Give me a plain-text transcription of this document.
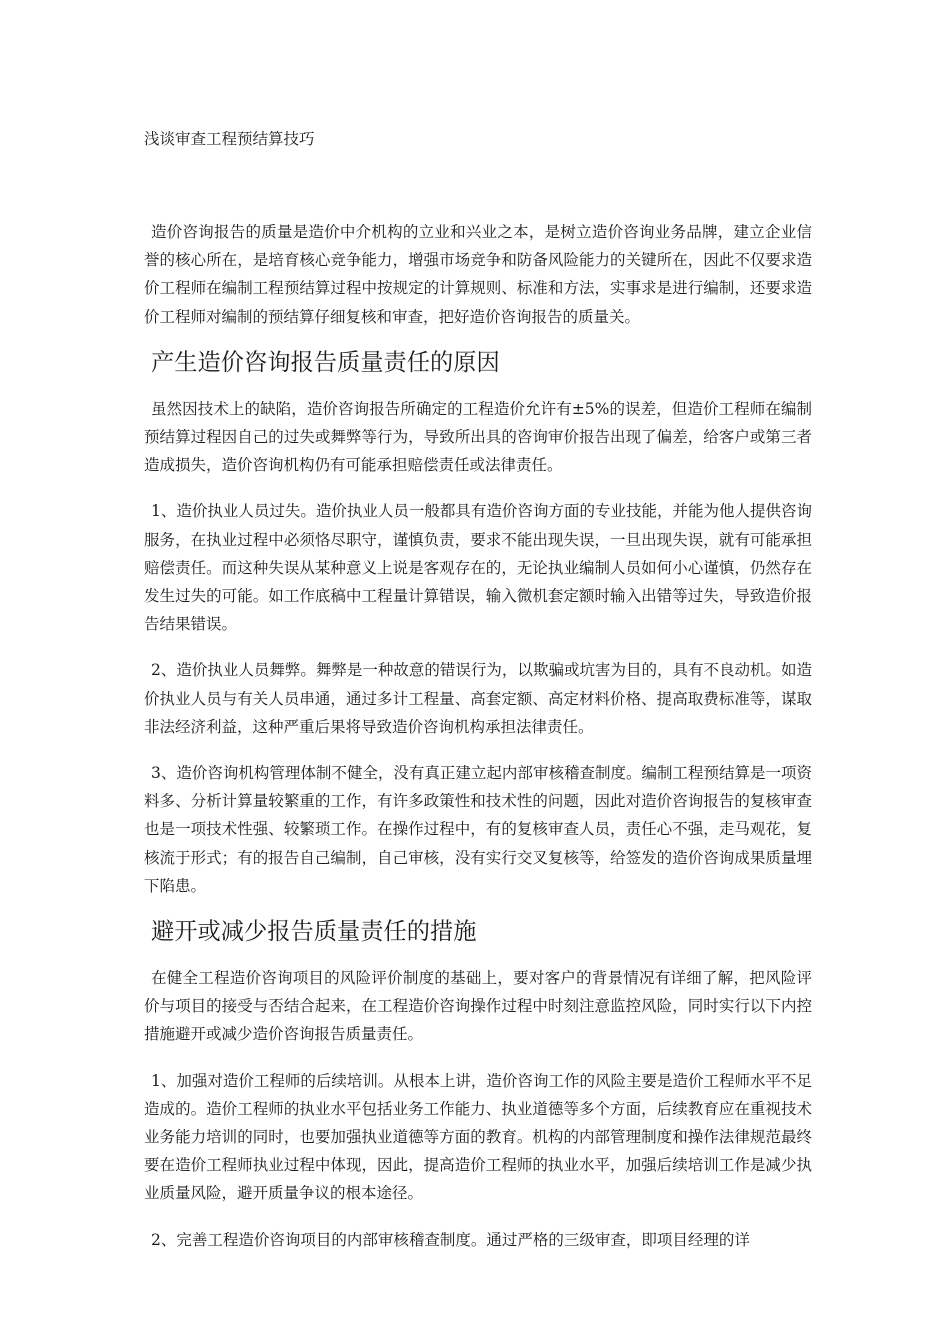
浅谈审查工程预结算技巧

造价咨询报告的质量是造价中介机构的立业和兴业之本，是树立造价咨询业务品牌，建立企业信誉的核心所在，是培育核心竞争能力，增强市场竞争和防备风险能力的关键所在，因此不仅要求造价工程师在编制工程预结算过程中按规定的计算规则、标准和方法，实事求是进行编制，还要求造价工程师对编制的预结算仔细复核和审查，把好造价咨询报告的质量关。

产生造价咨询报告质量责任的原因

虽然因技术上的缺陷，造价咨询报告所确定的工程造价允许有±5%的误差，但造价工程师在编制预结算过程因自己的过失或舞弊等行为，导致所出具的咨询审价报告出现了偏差，给客户或第三者造成损失，造价咨询机构仍有可能承担赔偿责任或法律责任。

1、造价执业人员过失。造价执业人员一般都具有造价咨询方面的专业技能，并能为他人提供咨询服务，在执业过程中必须恪尽职守，谨慎负责，要求不能出现失误，一旦出现失误，就有可能承担赔偿责任。而这种失误从某种意义上说是客观存在的，无论执业编制人员如何小心谨慎，仍然存在发生过失的可能。如工作底稿中工程量计算错误，输入微机套定额时输入出错等过失，导致造价报告结果错误。

2、造价执业人员舞弊。舞弊是一种故意的错误行为，以欺骗或坑害为目的，具有不良动机。如造价执业人员与有关人员串通，通过多计工程量、高套定额、高定材料价格、提高取费标准等，谋取非法经济利益，这种严重后果将导致造价咨询机构承担法律责任。

3、造价咨询机构管理体制不健全，没有真正建立起内部审核稽查制度。编制工程预结算是一项资料多、分析计算量较繁重的工作，有许多政策性和技术性的问题，因此对造价咨询报告的复核审查也是一项技术性强、较繁琐工作。在操作过程中，有的复核审查人员，责任心不强，走马观花，复核流于形式；有的报告自己编制，自己审核，没有实行交叉复核等，给签发的造价咨询成果质量埋下陷患。

避开或减少报告质量责任的措施

在健全工程造价咨询项目的风险评价制度的基础上，要对客户的背景情况有详细了解，把风险评价与项目的接受与否结合起来，在工程造价咨询操作过程中时刻注意监控风险，同时实行以下内控措施避开或减少造价咨询报告质量责任。

1、加强对造价工程师的后续培训。从根本上讲，造价咨询工作的风险主要是造价工程师水平不足造成的。造价工程师的执业水平包括业务工作能力、执业道德等多个方面，后续教育应在重视技术业务能力培训的同时，也要加强执业道德等方面的教育。机构的内部管理制度和操作法律规范最终要在造价工程师执业过程中体现，因此，提高造价工程师的执业水平，加强后续培训工作是减少执业质量风险，避开质量争议的根本途径。

2、完善工程造价咨询项目的内部审核稽查制度。通过严格的三级审查，即项目经理的详
